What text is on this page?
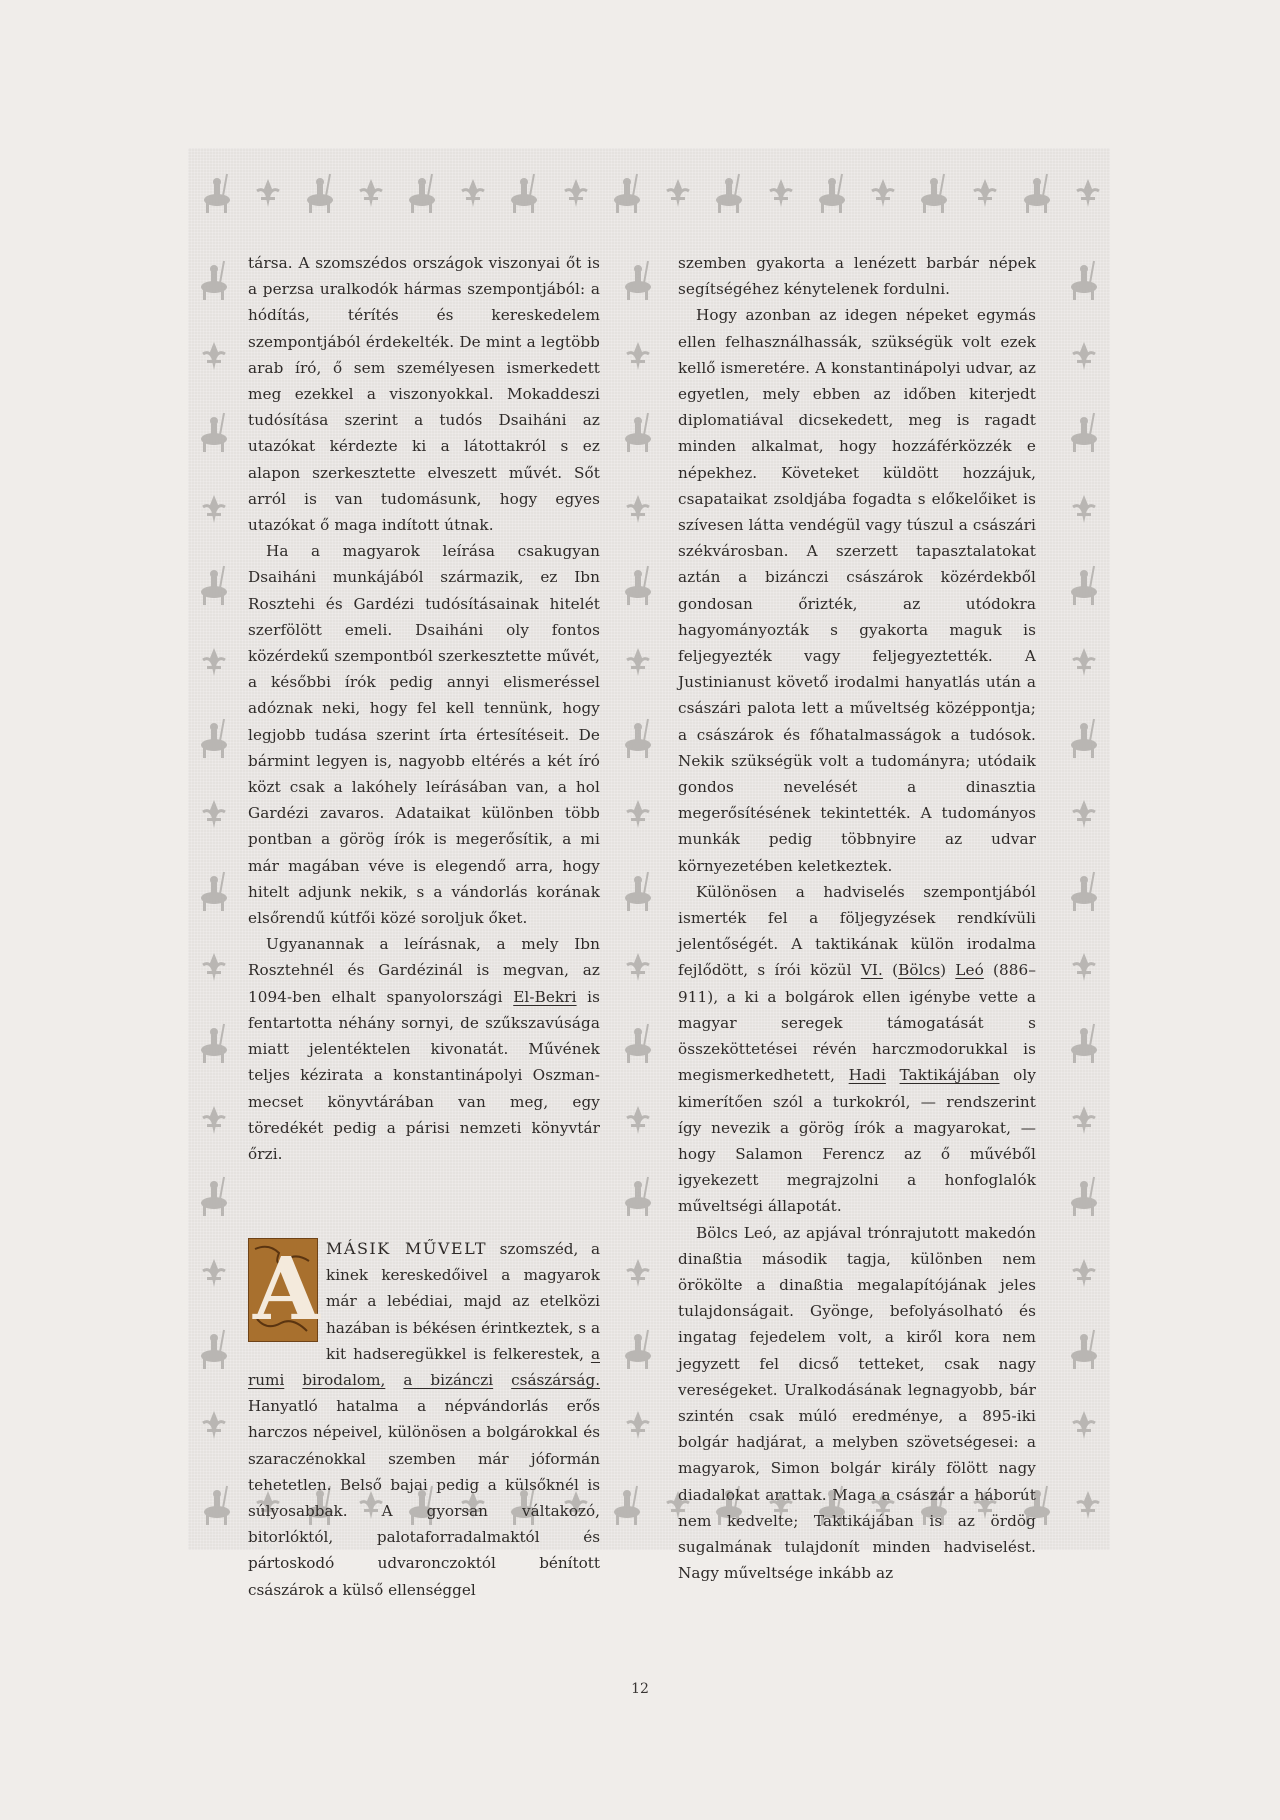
társa. A szomszédos országok viszonyai őt is a perzsa uralkodók hármas szempontjából: a hódítás, térítés és kereskedelem szempontjából érdekelték. De mint a legtöbb arab író, ő sem személyesen ismerkedett meg ezekkel a viszonyokkal. Mokaddeszi tudósítása szerint a tudós Dsaiháni az utazókat kérdezte ki a látottakról s ez alapon szerkesztette elveszett művét. Sőt arról is van tudomásunk, hogy egyes utazókat ő maga indított útnak.

Ha a magyarok leírása csakugyan Dsaiháni munkájából származik, ez Ibn Rosztehi és Gardézi tudósításainak hitelét szerfölött emeli. Dsaiháni oly fontos közérdekű szempontból szerkesztette művét, a későbbi írók pedig annyi elismeréssel adóznak neki, hogy fel kell tennünk, hogy legjobb tudása szerint írta értesítéseit. De bármint legyen is, nagyobb eltérés a két író közt csak a lakóhely leírásában van, a hol Gardézi zavaros. Adataikat különben több pontban a görög írók is megerősítik, a mi már magában véve is elegendő arra, hogy hitelt adjunk nekik, s a vándorlás korának elsőrendű kútfői közé soroljuk őket.

Ugyanannak a leírásnak, a mely Ibn Rosztehnél és Gardézinál is megvan, az 1094-ben elhalt spanyolországi El-Bekri is fentartotta néhány sornyi, de szűkszavúsága miatt jelentéktelen kivonatát. Művének teljes kézirata a konstantinápolyi Oszman-mecset könyvtárában van meg, egy töredékét pedig a párisi nemzeti könyvtár őrzi.

A MÁSIK MŰVELT szomszéd, a kinek kereskedőivel a magyarok már a lebédiai, majd az etelközi hazában is békésen érintkeztek, s a kit hadseregükkel is felkerestek, a rumi birodalom, a bizánczi császárság. Hanyatló hatalma a népvándorlás erős harczos népeivel, különösen a bolgárokkal és szaraczénokkal szemben már jóformán tehetetlen. Belső bajai pedig a külsőknél is súlyosabbak. A gyorsan váltakozó, bitorlóktól, palotaforradalmaktól és pártoskodó udvaronczoktól bénított császárok a külső ellenséggel

szemben gyakorta a lenézett barbár népek segítségéhez kénytelenek fordulni.

Hogy azonban az idegen népeket egymás ellen felhasználhassák, szükségük volt ezek kellő ismeretére. A konstantinápolyi udvar, az egyetlen, mely ebben az időben kiterjedt diplomatiával dicsekedett, meg is ragadt minden alkalmat, hogy hozzáférközzék e népekhez. Követeket küldött hozzájuk, csapataikat zsoldjába fogadta s előkelőiket is szívesen látta vendégül vagy túszul a császári székvárosban. A szerzett tapasztalatokat aztán a bizánczi császárok közérdekből gondosan őrizték, az utódokra hagyományozták s gyakorta maguk is feljegyezték vagy feljegyeztették. A Justinianust követő irodalmi hanyatlás után a császári palota lett a műveltség középpontja; a császárok és főhatalmasságok a tudósok. Nekik szükségük volt a tudományra; utódaik gondos nevelését a dinasztia megerősítésének tekintették. A tudományos munkák pedig többnyire az udvar környezetében keletkeztek.

Különösen a hadviselés szempontjából ismerték fel a följegyzések rendkívüli jelentőségét. A taktikának külön irodalma fejlődött, s írói közül VI. (Bölcs) Leó (886–911), a ki a bolgárok ellen igénybe vette a magyar seregek támogatását s összeköttetései révén harczmodorukkal is megismerkedhetett, Hadi Taktikájában oly kimerítően szól a turkokról, — rendszerint így nevezik a görög írók a magyarokat, — hogy Salamon Ferencz az ő művéből igyekezett megrajzolni a honfoglalók műveltségi állapotát.

Bölcs Leó, az apjával trónrajutott makedón dinaßtia második tagja, különben nem örökölte a dinaßtia megalapítójának jeles tulajdonságait. Gyönge, befolyásolható és ingatag fejedelem volt, a kiről kora nem jegyzett fel dicső tetteket, csak nagy vereségeket. Uralkodásának legnagyobb, bár szintén csak múló eredménye, a 895-iki bolgár hadjárat, a melyben szövetségesei: a magyarok, Simon bolgár király fölött nagy diadalokat arattak. Maga a császár a háborút nem kedvelte; Taktikájában is az ördög sugalmának tulajdonít minden hadviselést. Nagy műveltsége inkább az

12
